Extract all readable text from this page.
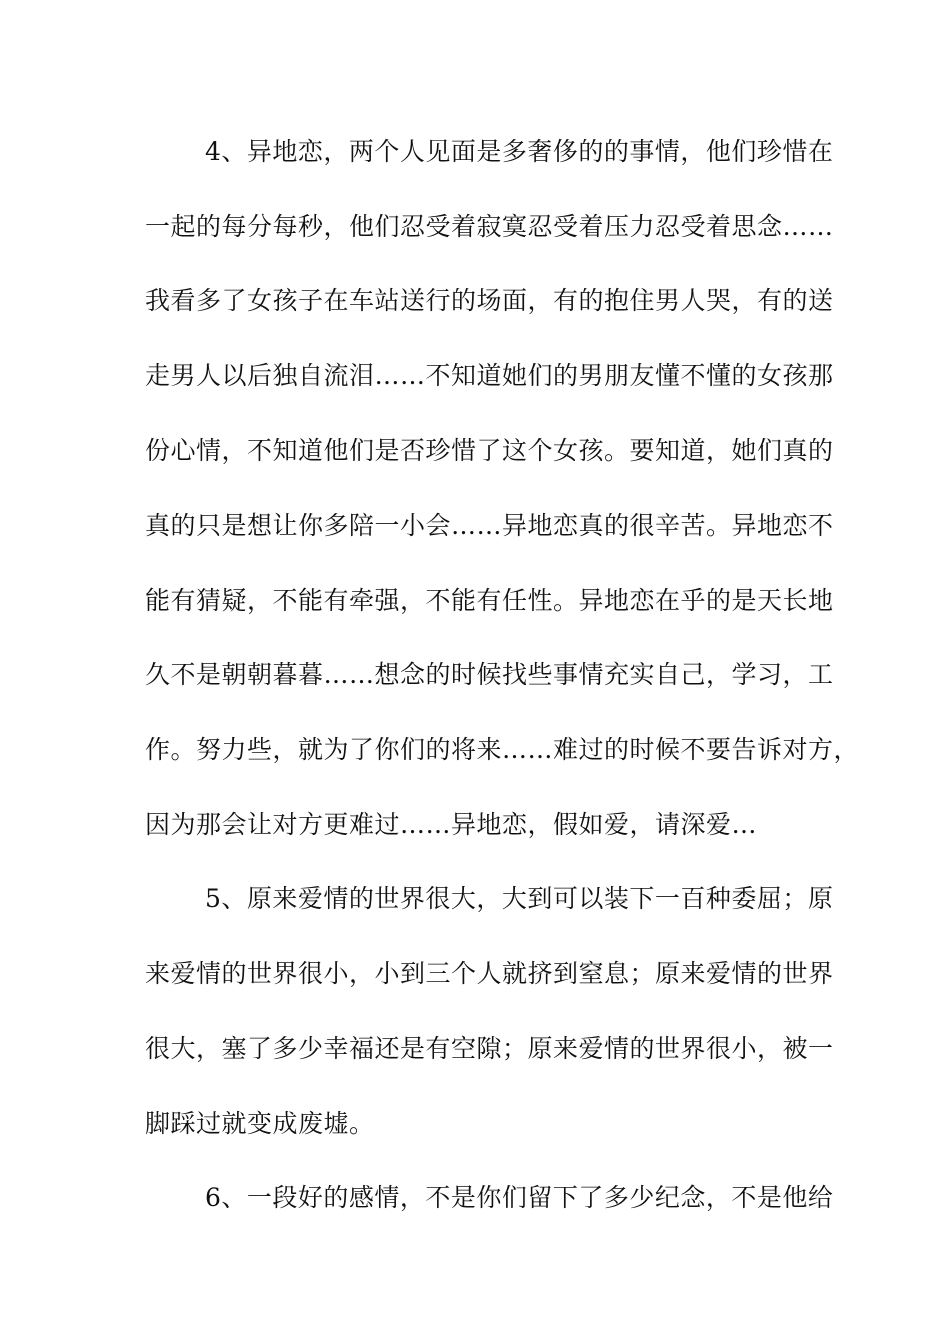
4、异地恋，两个人见面是多奢侈的的事情，他们珍惜在
一起的每分每秒，他们忍受着寂寞忍受着压力忍受着思念……
我看多了女孩子在车站送行的场面，有的抱住男人哭，有的送
走男人以后独自流泪……不知道她们的男朋友懂不懂的女孩那
份心情，不知道他们是否珍惜了这个女孩。要知道，她们真的
真的只是想让你多陪一小会……异地恋真的很辛苦。异地恋不
能有猜疑，不能有牵强，不能有任性。异地恋在乎的是天长地
久不是朝朝暮暮……想念的时候找些事情充实自己，学习，工
作。努力些，就为了你们的将来……难过的时候不要告诉对方，
因为那会让对方更难过……异地恋，假如爱，请深爱…
5、原来爱情的世界很大，大到可以装下一百种委屈；原
来爱情的世界很小，小到三个人就挤到窒息；原来爱情的世界
很大，塞了多少幸福还是有空隙；原来爱情的世界很小，被一
脚踩过就变成废墟。
6、一段好的感情，不是你们留下了多少纪念，不是他给
